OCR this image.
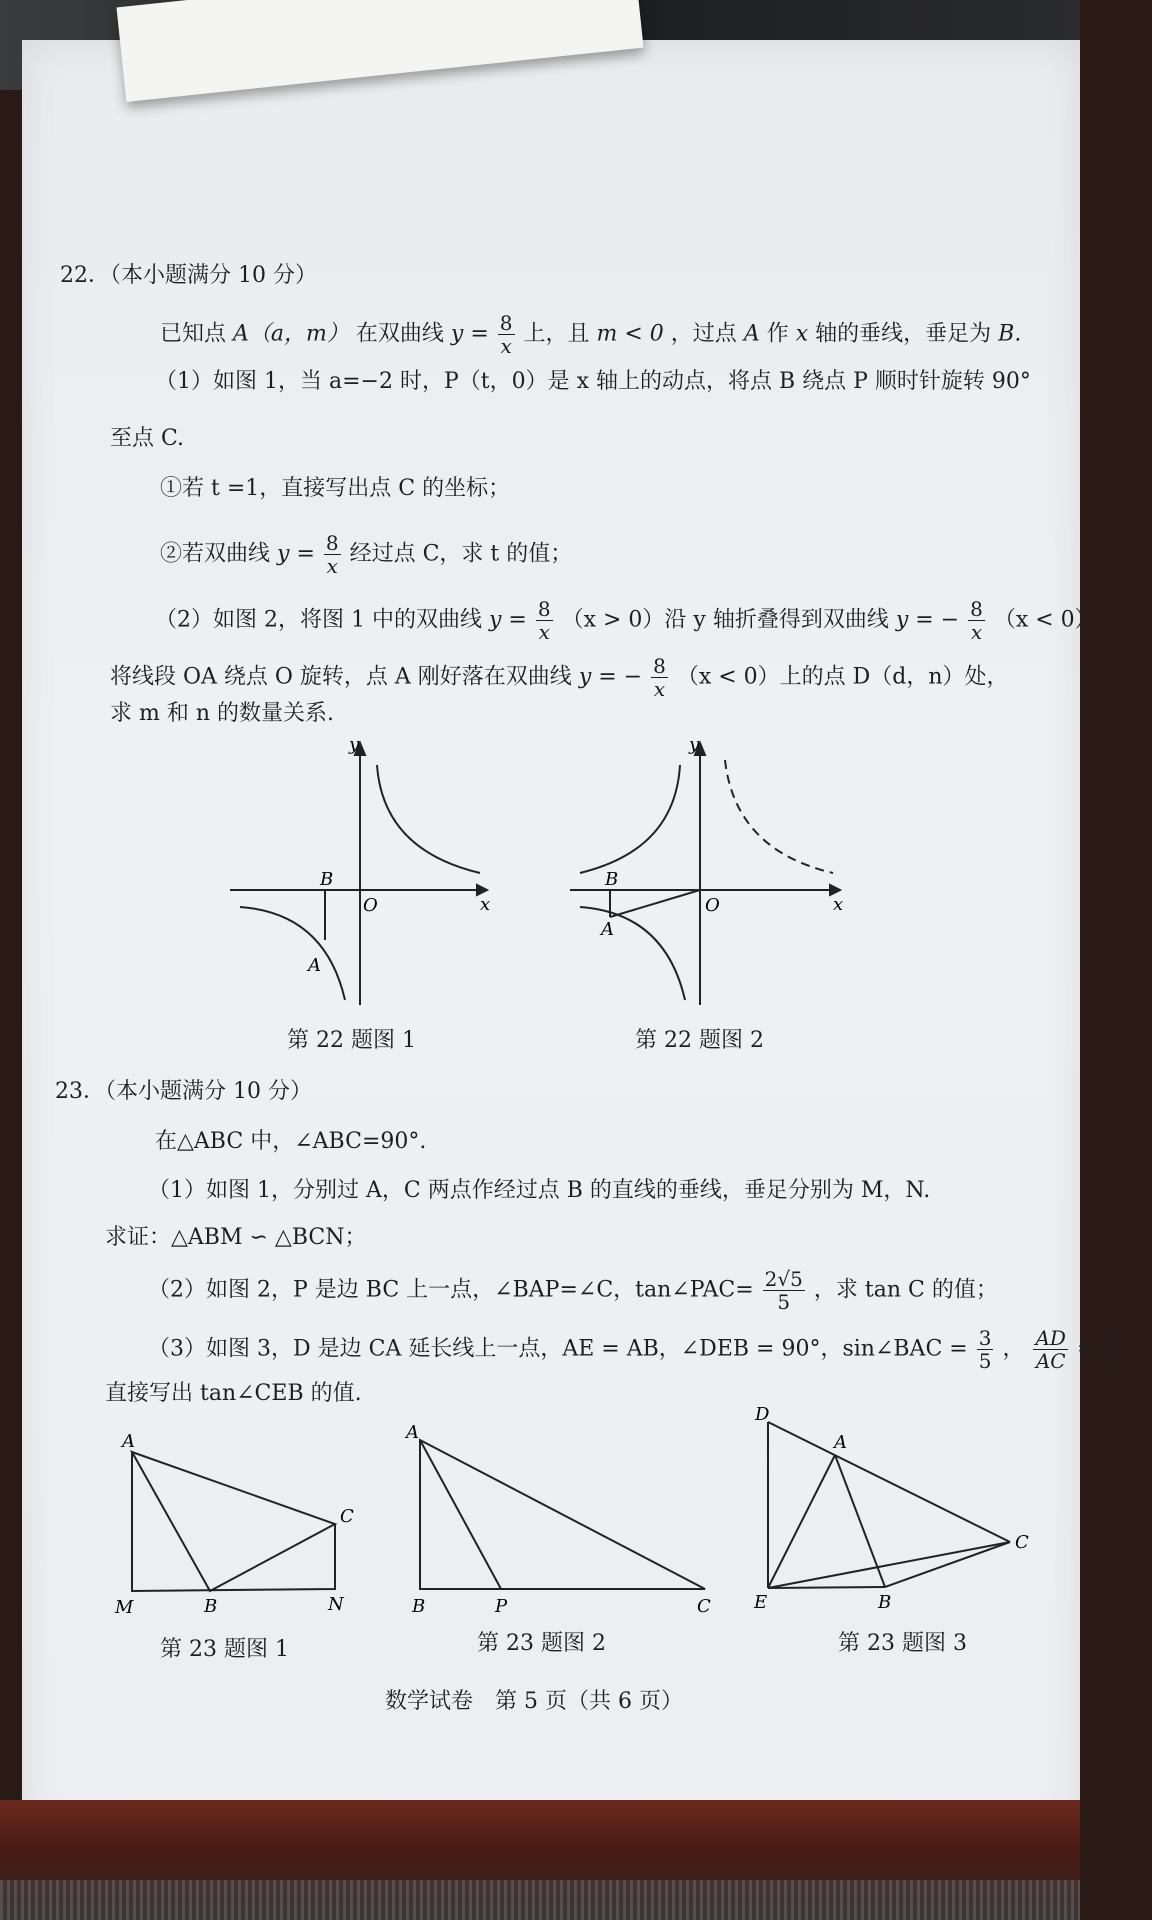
22．（本小题满分 10 分）
已知点 A（a，m） 在双曲线 $y = \frac{8}{x}$ 上，且 m < 0 ，过点 A 作 x 轴的垂线，垂足为 B.
（1）如图 1，当 a=−2 时，P（t，0）是 x 轴上的动点，将点 B 绕点 P 顺时针旋转 90°
至点 C.
①若 t =1，直接写出点 C 的坐标；
②若双曲线 $y = \frac{8}{x}$ 经过点 C，求 t 的值；
（2）如图 2，将图 1 中的双曲线 $y = \frac{8}{x} (x > 0)$沿 y 轴折叠得到双曲线 y = − $\frac{8}{x} (x < 0)$，
将线段 OA 绕点 O 旋转，点 A 刚好落在双曲线 y = − $\frac{8}{x} (x < 0)$上的点 D（d，n）处，
求 m 和 n 的数量关系.
y
x
O
B
A
第 22 题图 1
y
x
O
B
A
第 22 题图 2
23．（本小题满分 10 分）
在△ABC 中，∠ABC=90°.
（1）如图 1，分别过 A，C 两点作经过点 B 的直线的垂线，垂足分别为 M，N.
求证：△ABM ∽ △BCN；
（2）如图 2，P 是边 BC 上一点，∠BAP=∠C，tan∠PAC= $\frac{2√5}{5}$ ，求 tan C 的值；
（3）如图 3，D 是边 CA 延长线上一点，AE = AB，∠DEB = 90°，sin∠BAC = $\frac{3}{5}$ ， $\frac{AD}{AC} = \frac{2}{5}$ ，
直接写出 tan∠CEB 的值.
A
C
M	B	N
第 23 题图 1
A
B	P	C
第 23 题图 2
D
A
C
E	B
第 23 题图 3
数学试卷　第 5 页（共 6 页）
